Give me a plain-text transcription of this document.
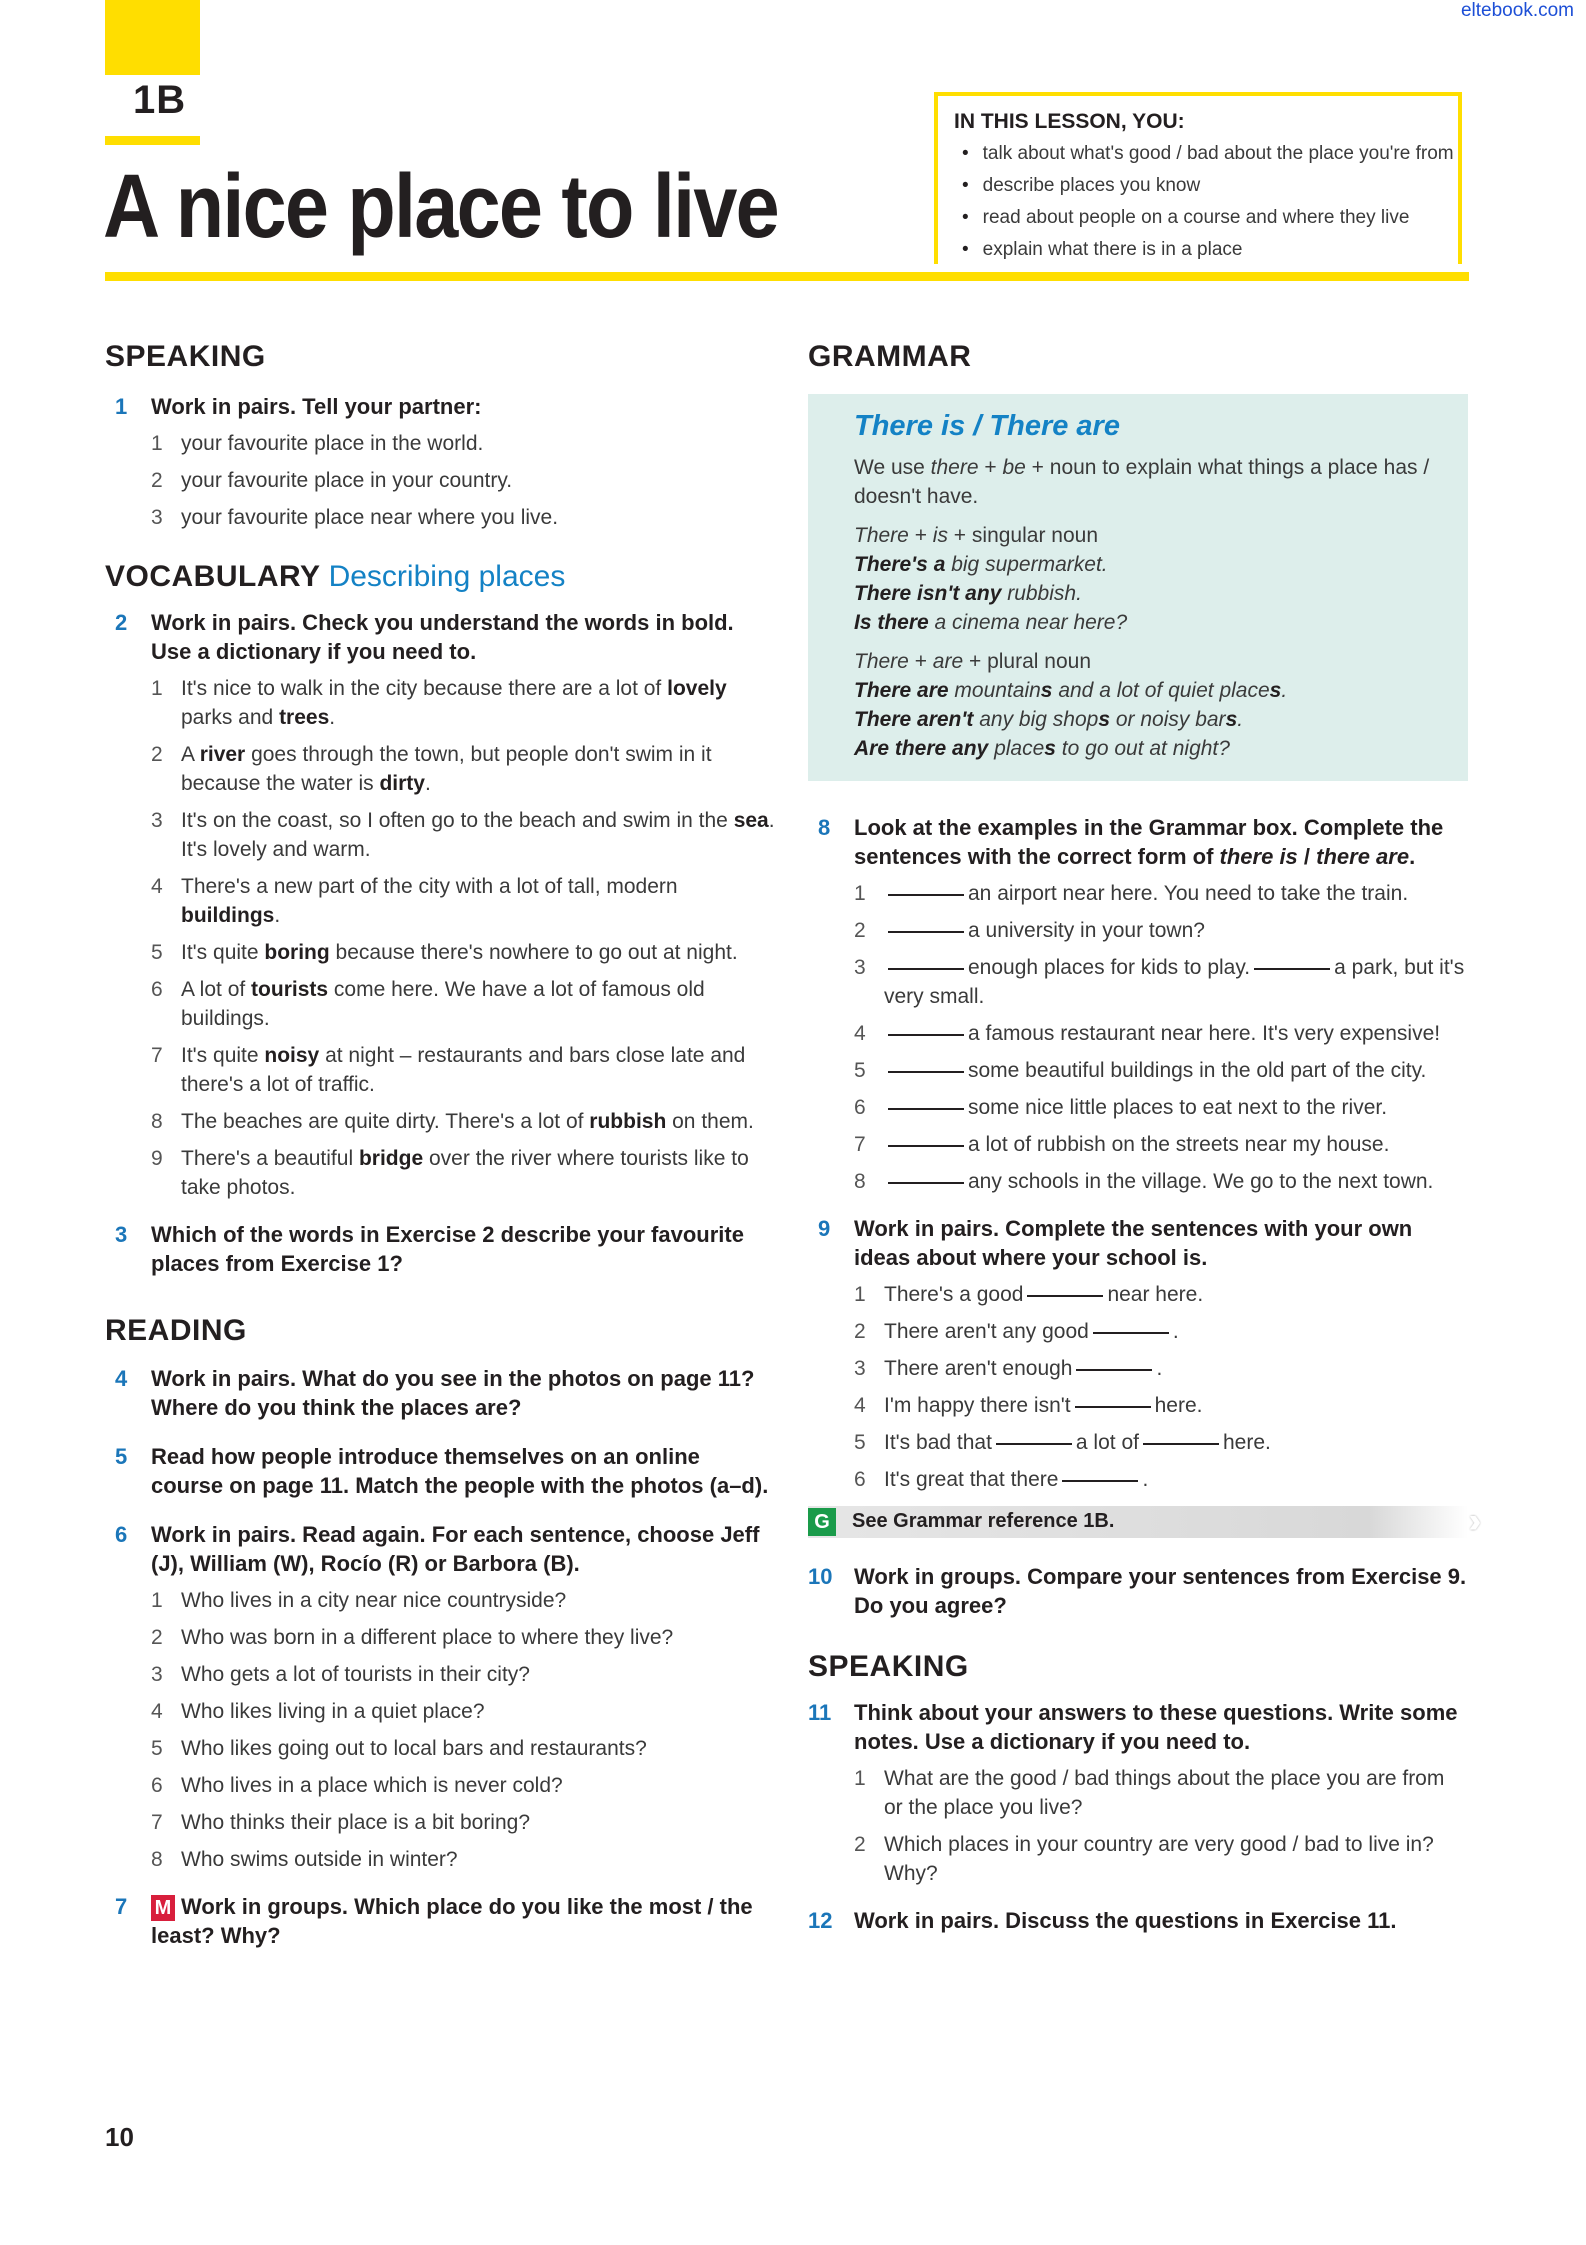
eltebook.com
1B
A nice place to live
IN THIS LESSON, YOU:
• talk about what's good / bad about the place you're from
• describe places you know
• read about people on a course and where they live
• explain what there is in a place
SPEAKING
1 Work in pairs. Tell your partner:
1 your favourite place in the world.
2 your favourite place in your country.
3 your favourite place near where you live.
VOCABULARY Describing places
2 Work in pairs. Check you understand the words in bold. Use a dictionary if you need to.
1 It's nice to walk in the city because there are a lot of lovely parks and trees.
2 A river goes through the town, but people don't swim in it because the water is dirty.
3 It's on the coast, so I often go to the beach and swim in the sea. It's lovely and warm.
4 There's a new part of the city with a lot of tall, modern buildings.
5 It's quite boring because there's nowhere to go out at night.
6 A lot of tourists come here. We have a lot of famous old buildings.
7 It's quite noisy at night – restaurants and bars close late and there's a lot of traffic.
8 The beaches are quite dirty. There's a lot of rubbish on them.
9 There's a beautiful bridge over the river where tourists like to take photos.
3 Which of the words in Exercise 2 describe your favourite places from Exercise 1?
READING
4 Work in pairs. What do you see in the photos on page 11? Where do you think the places are?
5 Read how people introduce themselves on an online course on page 11. Match the people with the photos (a–d).
6 Work in pairs. Read again. For each sentence, choose Jeff (J), William (W), Rocío (R) or Barbora (B).
1 Who lives in a city near nice countryside?
2 Who was born in a different place to where they live?
3 Who gets a lot of tourists in their city?
4 Who likes living in a quiet place?
5 Who likes going out to local bars and restaurants?
6 Who lives in a place which is never cold?
7 Who thinks their place is a bit boring?
8 Who swims outside in winter?
7 M Work in groups. Which place do you like the most / the least? Why?
GRAMMAR
There is / There are

We use there + be + noun to explain what things a place has / doesn't have.

There + is + singular noun

There's a big supermarket.

There isn't any rubbish.

Is there a cinema near here?

There + are + plural noun

There are mountains and a lot of quiet places.

There aren't any big shops or noisy bars.

Are there any places to go out at night?

8 Look at the examples in the Grammar box. Complete the sentences with the correct form of there is / there are.
1	an airport near here. You need to take the train.
2	a university in your town?
3	enough places for kids to play.	a park, but it's very small.
4	a famous restaurant near here. It's very expensive!
5	some beautiful buildings in the old part of the city.
6	some nice little places to eat next to the river.
7	a lot of rubbish on the streets near my house.
8	any schools in the village. We go to the next town.
9 Work in pairs. Complete the sentences with your own ideas about where your school is.
1 There's a good	near here.
2 There aren't any good	.
3 There aren't enough	.
4 I'm happy there isn't	here.
5 It's bad that	a lot of	here.
6 It's great that there	.
G	See Grammar reference 1B.
10 Work in groups. Compare your sentences from Exercise 9. Do you agree?
SPEAKING
11 Think about your answers to these questions. Write some notes. Use a dictionary if you need to.
1 What are the good / bad things about the place you are from or the place you live?
2 Which places in your country are very good / bad to live in? Why?
12 Work in pairs. Discuss the questions in Exercise 11.
10
